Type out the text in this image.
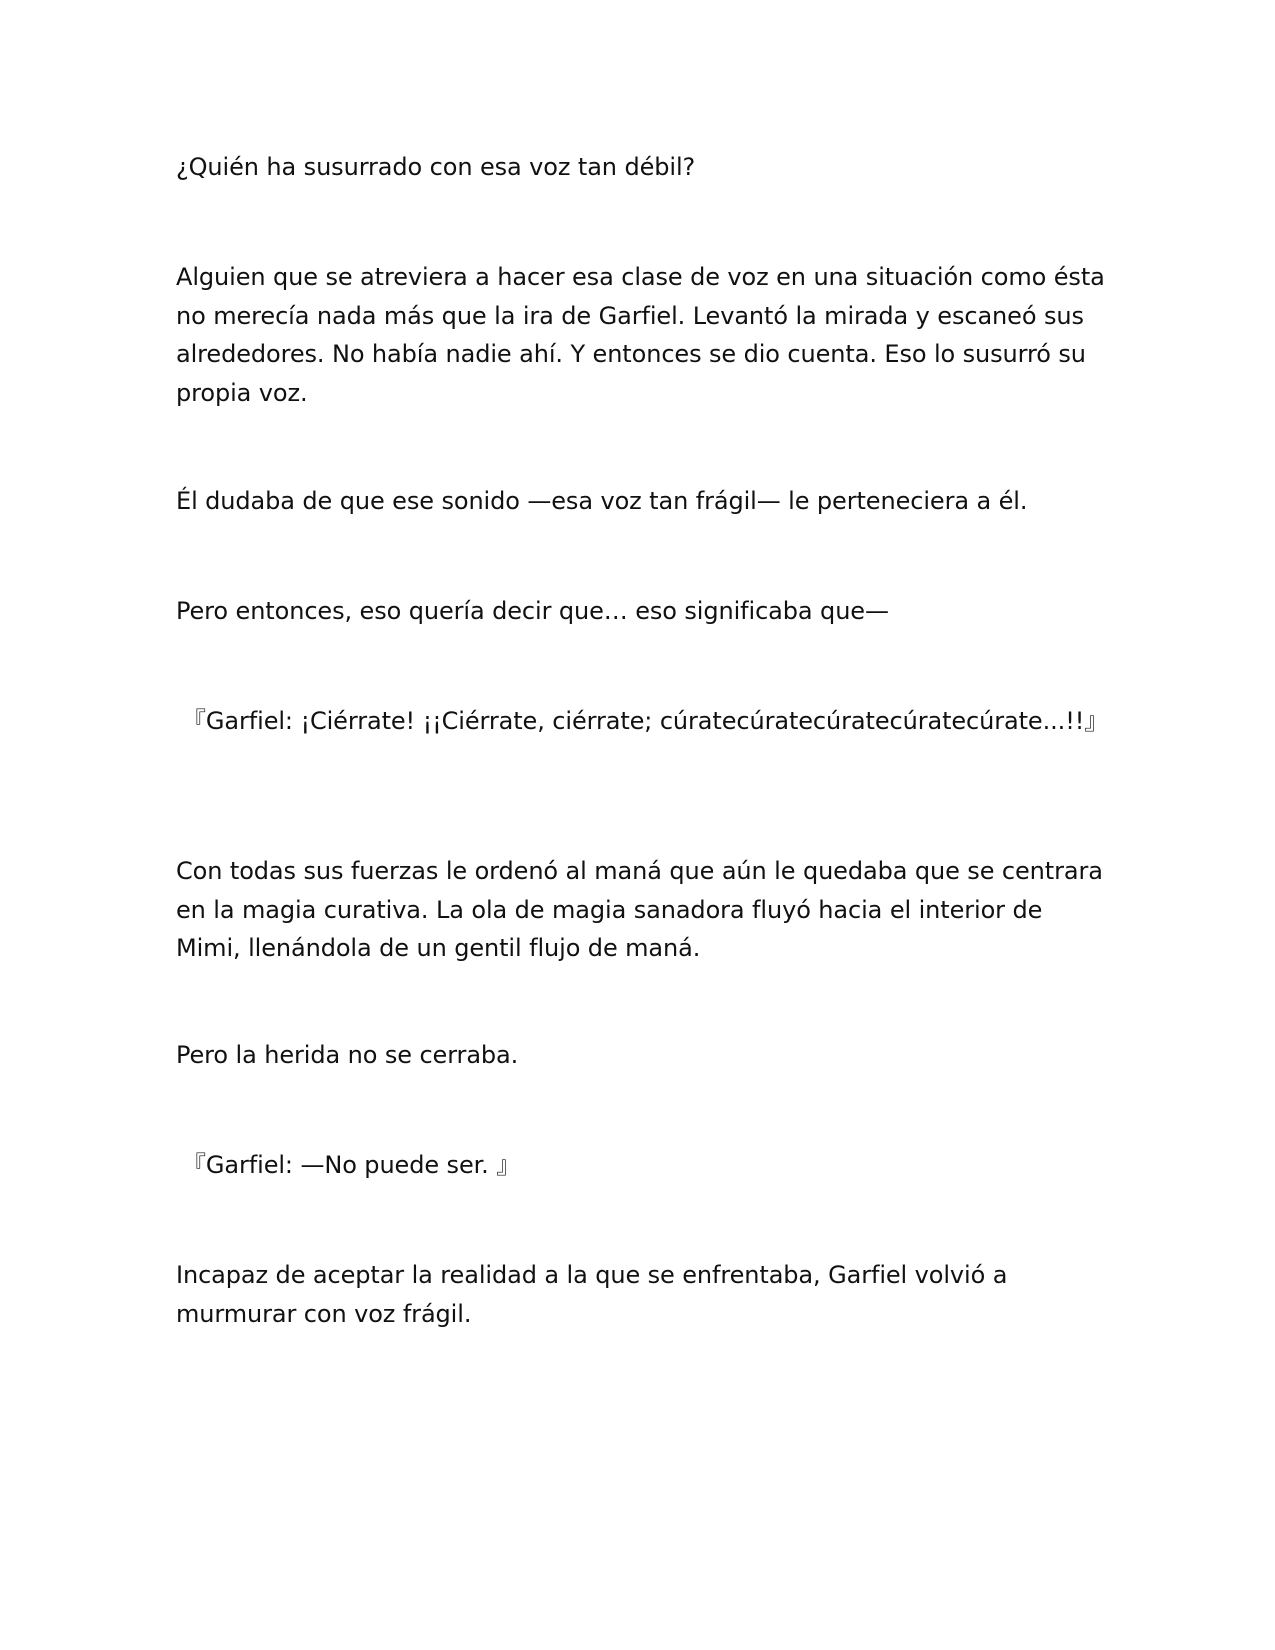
¿Quién ha susurrado con esa voz tan débil?

Alguien que se atreviera a hacer esa clase de voz en una situación como ésta no merecía nada más que la ira de Garfiel. Levantó la mirada y escaneó sus alrededores. No había nadie ahí. Y entonces se dio cuenta. Eso lo susurró su propia voz.

Él dudaba de que ese sonido —esa voz tan frágil— le perteneciera a él.

Pero entonces, eso quería decir que… eso significaba que—

『Garfiel: ¡Ciérrate! ¡¡Ciérrate, ciérrate; cúratecúratecúratecúratecúrate...!!』

Con todas sus fuerzas le ordenó al maná que aún le quedaba que se centrara en la magia curativa. La ola de magia sanadora fluyó hacia el interior de Mimi, llenándola de un gentil flujo de maná.

Pero la herida no se cerraba.

『Garfiel: —No puede ser. 』

Incapaz de aceptar la realidad a la que se enfrentaba, Garfiel volvió a murmurar con voz frágil.
